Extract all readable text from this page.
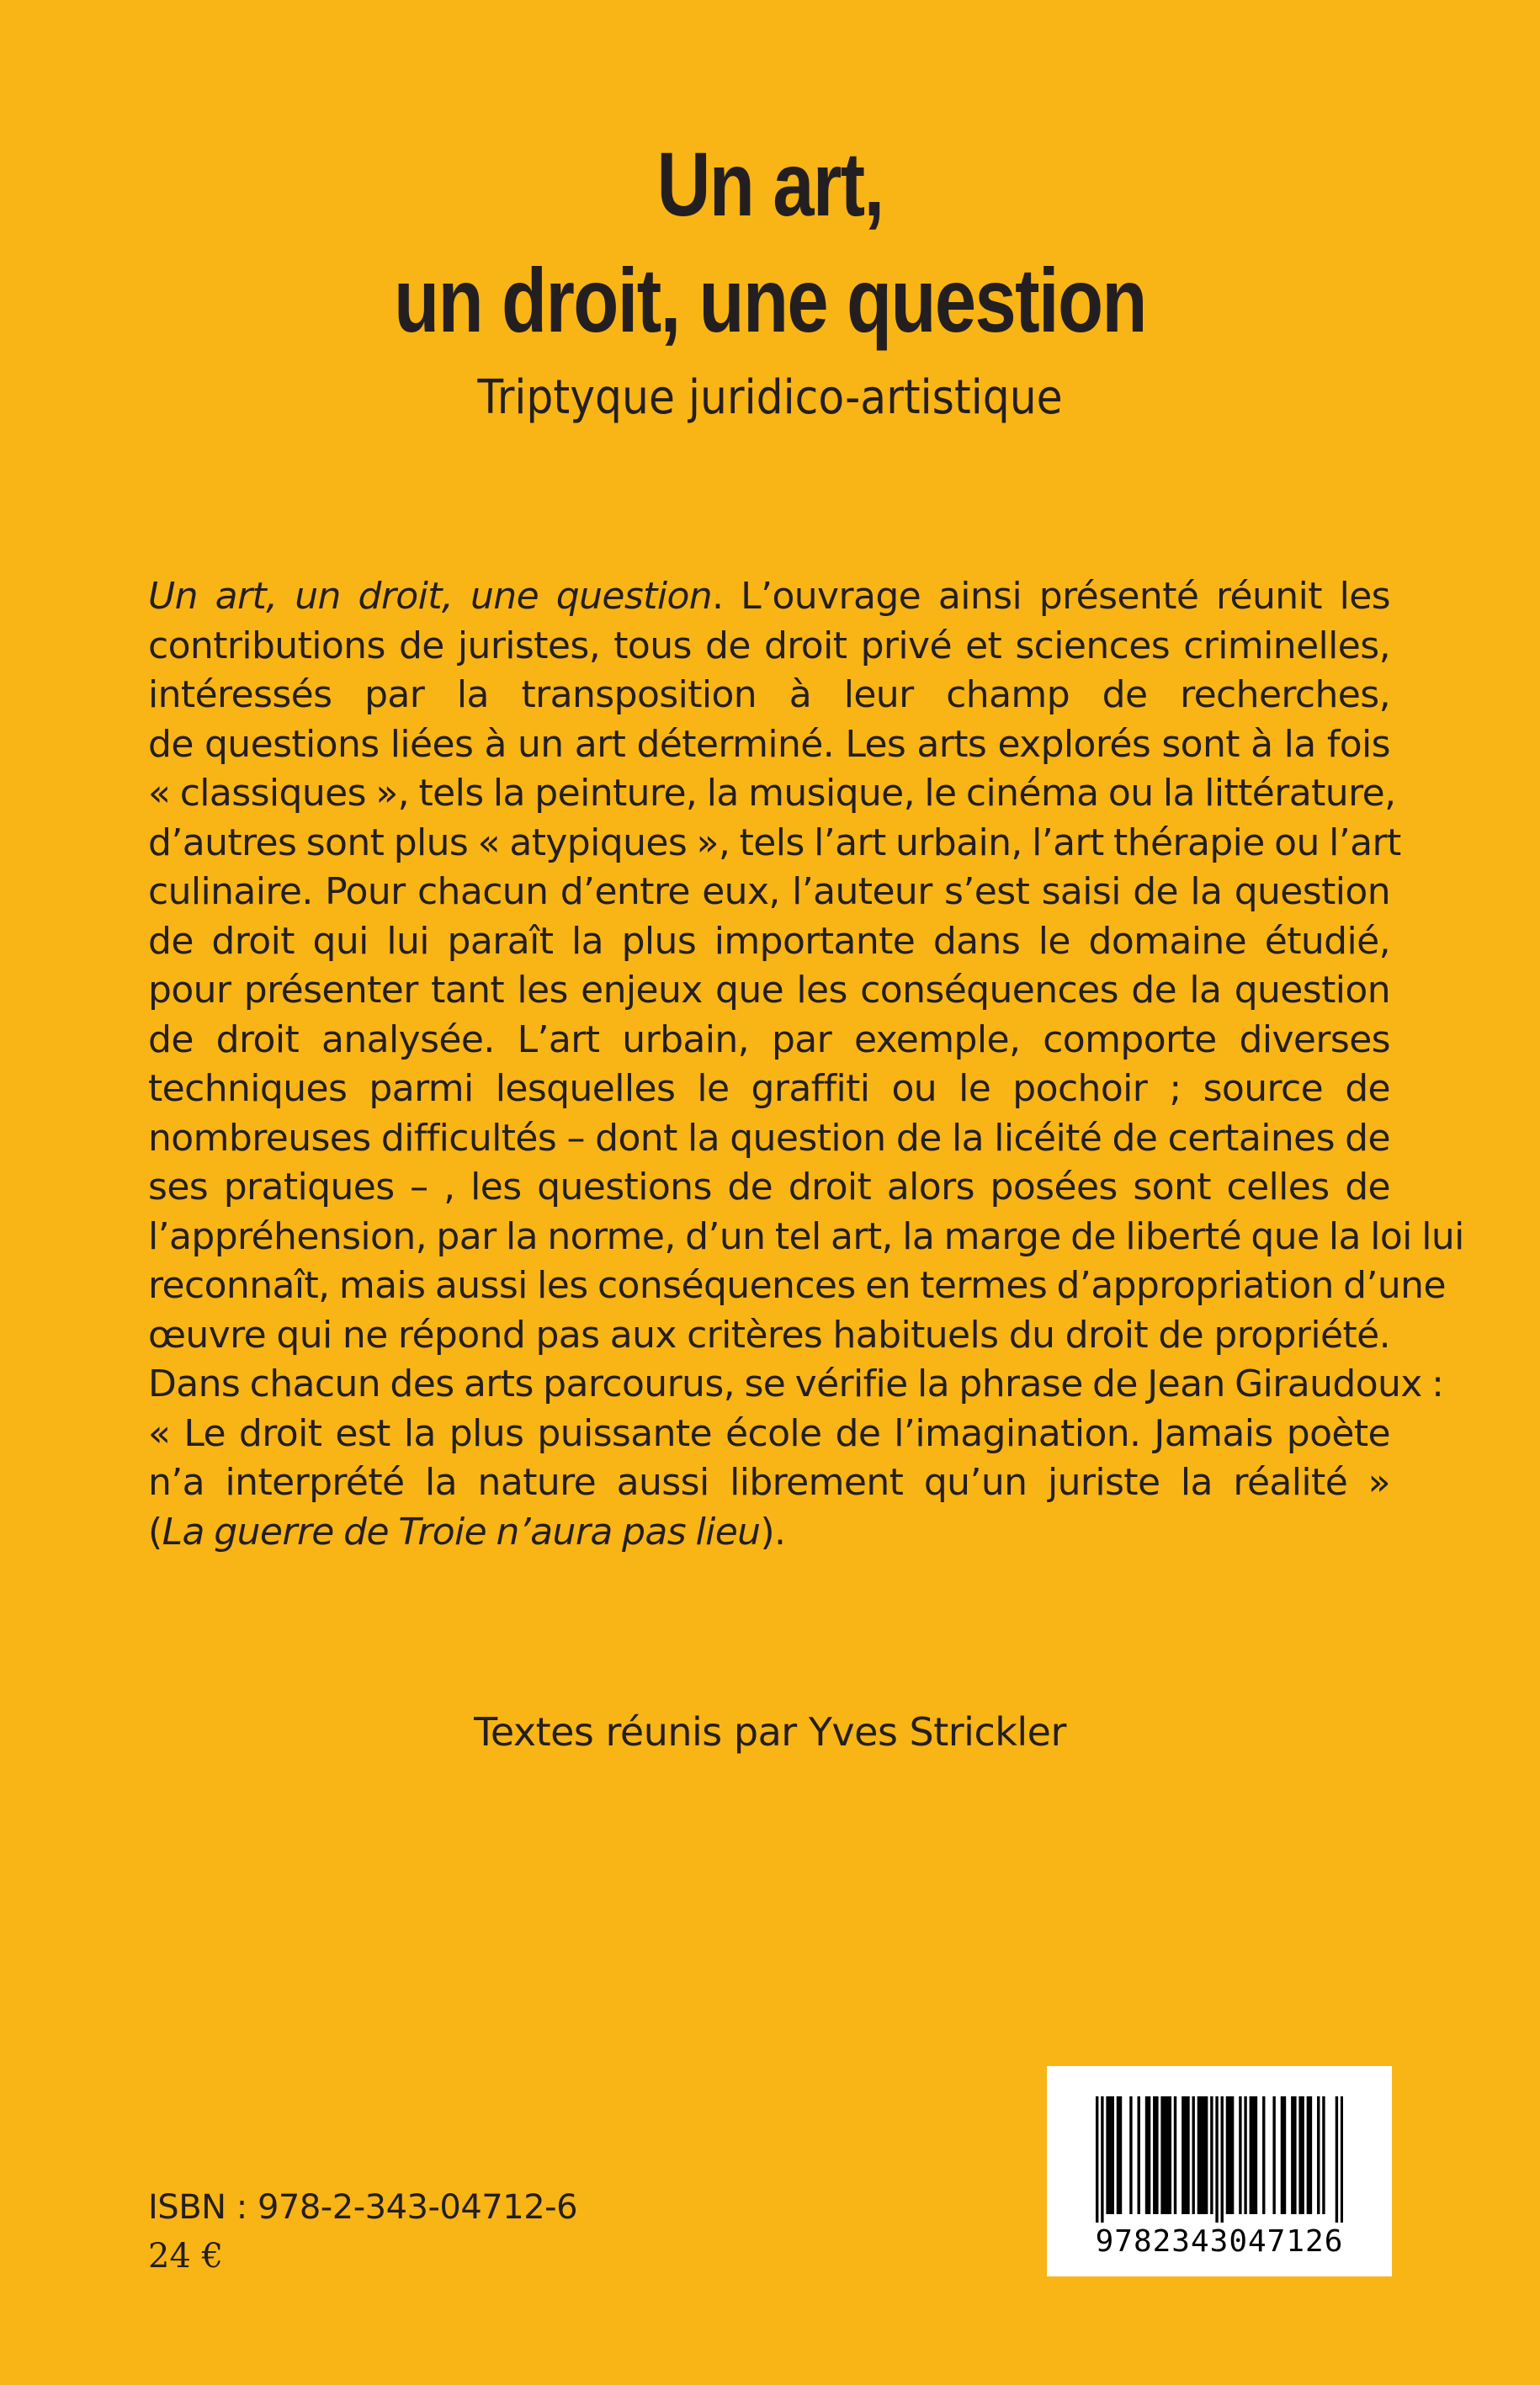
Un art,
un droit, une question
Triptyque juridico-artistique
Un art, un droit, une question. L’ouvrage ainsi présenté réunit les
contributions de juristes, tous de droit privé et sciences criminelles,
intéressés par la transposition à leur champ de recherches,
de questions liées à un art déterminé. Les arts explorés sont à la fois
« classiques », tels la peinture, la musique, le cinéma ou la littérature,
d’autres sont plus « atypiques », tels l’art urbain, l’art thérapie ou l’art
culinaire. Pour chacun d’entre eux, l’auteur s’est saisi de la question
de droit qui lui paraît la plus importante dans le domaine étudié,
pour présenter tant les enjeux que les conséquences de la question
de droit analysée. L’art urbain, par exemple, comporte diverses
techniques parmi lesquelles le graffiti ou le pochoir ; source de
nombreuses difficultés – dont la question de la licéité de certaines de
ses pratiques – , les questions de droit alors posées sont celles de
l’appréhension, par la norme, d’un tel art, la marge de liberté que la loi lui
reconnaît, mais aussi les conséquences en termes d’appropriation d’une
œuvre qui ne répond pas aux critères habituels du droit de propriété.
Dans chacun des arts parcourus, se vérifie la phrase de Jean Giraudoux :
« Le droit est la plus puissante école de l’imagination. Jamais poète
n’a interprété la nature aussi librement qu’un juriste la réalité »
(La guerre de Troie n’aura pas lieu).
Textes réunis par Yves Strickler
ISBN : 978-2-343-04712-6
24 €	9782343047126
